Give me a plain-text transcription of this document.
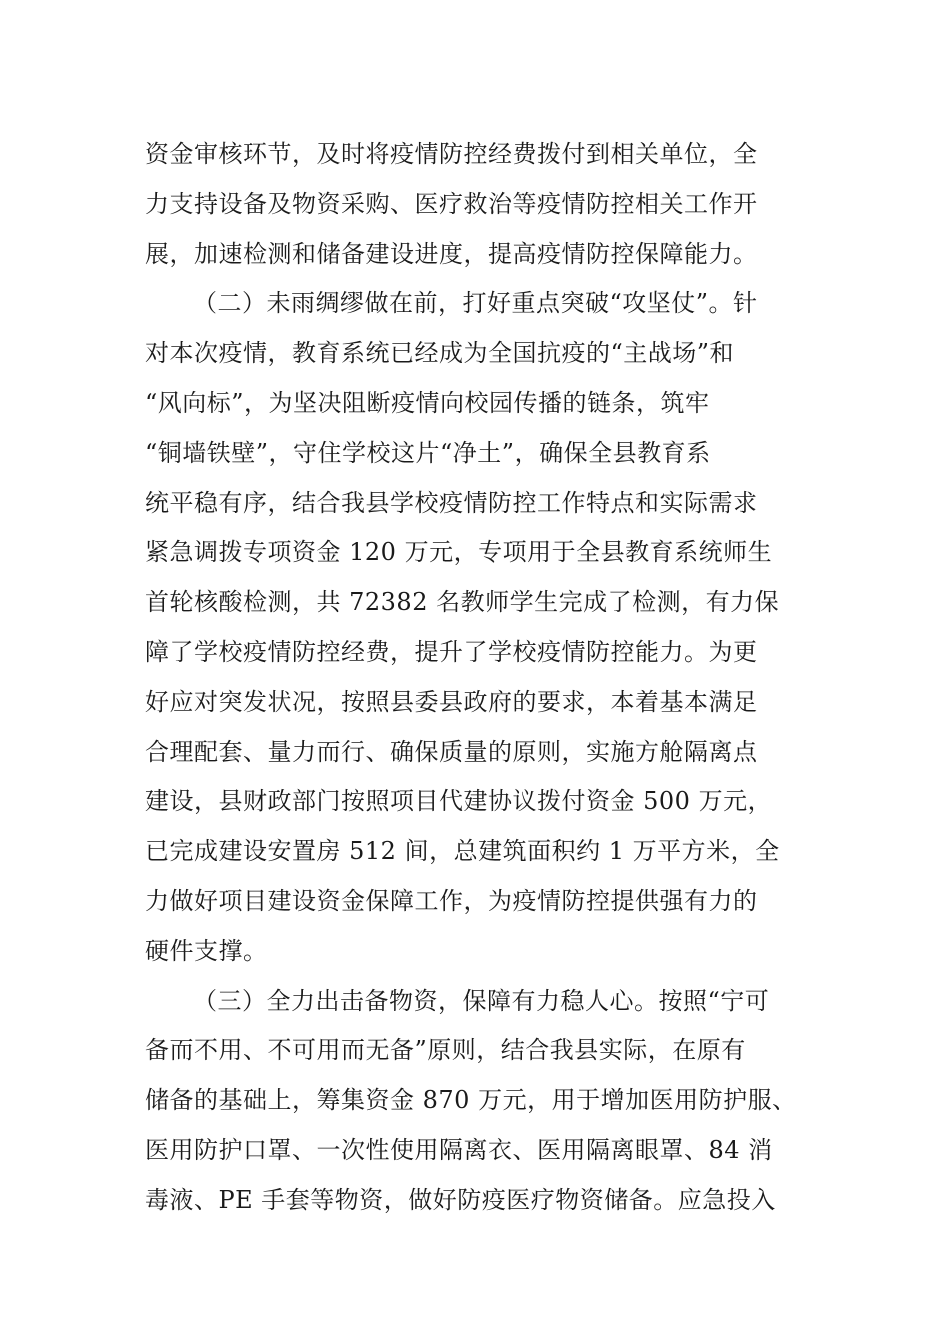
资金审核环节，及时将疫情防控经费拨付到相关单位，全
力支持设备及物资采购、医疗救治等疫情防控相关工作开
展，加速检测和储备建设进度，提高疫情防控保障能力。
（二）未雨绸缪做在前，打好重点突破“攻坚仗”。针
对本次疫情，教育系统已经成为全国抗疫的“主战场”和
“风向标”，为坚决阻断疫情向校园传播的链条，筑牢
“铜墙铁壁”，守住学校这片“净土”，确保全县教育系
统平稳有序，结合我县学校疫情防控工作特点和实际需求
紧急调拨专项资金 120 万元，专项用于全县教育系统师生
首轮核酸检测，共 72382 名教师学生完成了检测，有力保
障了学校疫情防控经费，提升了学校疫情防控能力。为更
好应对突发状况，按照县委县政府的要求，本着基本满足
合理配套、量力而行、确保质量的原则，实施方舱隔离点
建设，县财政部门按照项目代建协议拨付资金 500 万元，
已完成建设安置房 512 间，总建筑面积约 1 万平方米，全
力做好项目建设资金保障工作，为疫情防控提供强有力的
硬件支撑。
（三）全力出击备物资，保障有力稳人心。按照“宁可
备而不用、不可用而无备”原则，结合我县实际，在原有
储备的基础上，筹集资金 870 万元，用于增加医用防护服、
医用防护口罩、一次性使用隔离衣、医用隔离眼罩、84 消
毒液、PE 手套等物资，做好防疫医疗物资储备。应急投入
